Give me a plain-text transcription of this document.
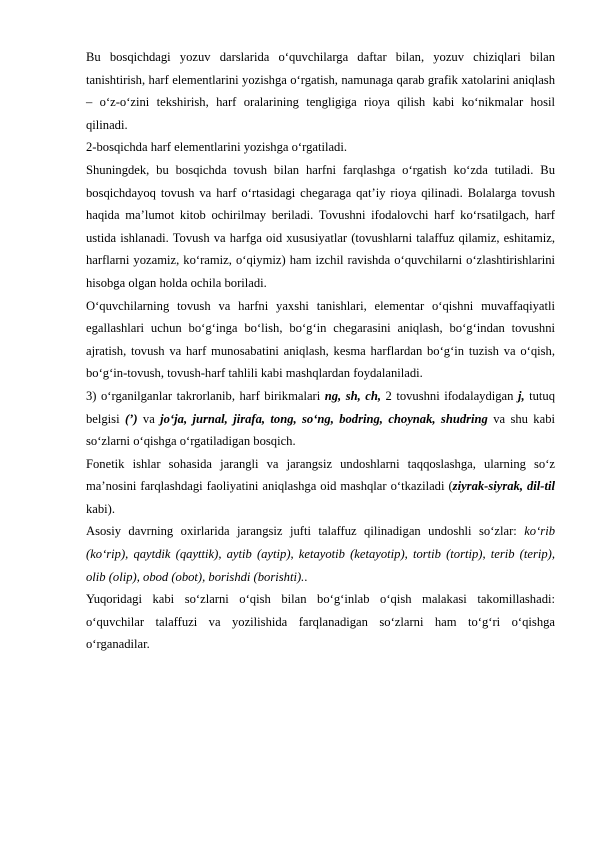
Bu bosqichdagi yozuv darslarida o‘quvchilarga daftar bilan, yozuv chiziqlari bilan tanishtirish, harf elementlarini yozishga o‘rgatish, namunaga qarab grafik xatolarini aniqlash – o‘z-o‘zini tekshirish, harf oralarining tengligiga rioya qilish kabi ko‘nikmalar hosil qilinadi.

2-bosqichda harf elementlarini yozishga o‘rgatiladi.

Shuningdek, bu bosqichda tovush bilan harfni farqlashga o‘rgatish ko‘zda tutiladi. Bu bosqichdayoq tovush va harf o‘rtasidagi chegaraga qat’iy rioya qilinadi. Bolalarga tovush haqida ma’lumot kitob ochirilmay beriladi. Tovushni ifodalovchi harf ko‘rsatilgach, harf ustida ishlanadi. Tovush va harfga oid xususiyatlar (tovushlarni talaffuz qilamiz, eshitamiz, harflarni yozamiz, ko‘ramiz, o‘qiymiz) ham izchil ravishda o‘quvchilarni o‘zlashtirishlarini hisobga olgan holda ochila boriladi.

O‘quvchilarning tovush va harfni yaxshi tanishlari, elementar o‘qishni muvaffaqiyatli egallashlari uchun bo‘g‘inga bo‘lish, bo‘g‘in chegarasini aniqlash, bo‘g‘indan tovushni ajratish, tovush va harf munosabatini aniqlash, kesma harflardan bo‘g‘in tuzish va o‘qish, bo‘g‘in-tovush, tovush-harf tahlili kabi mashqlardan foydalaniladi.

3) o‘rganilganlar takrorlanib, harf birikmalari ng, sh, ch, 2 tovushni ifodalaydigan j, tutuq belgisi (’) va jo‘ja, jurnal, jirafa, tong, so‘ng, bodring, choynak, shudring va shu kabi so‘zlarni o‘qishga o‘rgatiladigan bosqich.

Fonetik ishlar sohasida jarangli va jarangsiz undoshlarni taqqoslashga, ularning so‘z ma’nosini farqlashdagi faoliyatini aniqlashga oid mashqlar o‘tkaziladi (ziyrak-siyrak, dil-til kabi).

Asosiy davrning oxirlarida jarangsiz jufti talaffuz qilinadigan undoshli so‘zlar: ko‘rib (ko‘rip), qaytdik (qayttik), aytib (aytip), ketayotib (ketayotip), tortib (tortip), terib (terip), olib (olip), obod (obot), borishdi (borishti)..

Yuqoridagi kabi so‘zlarni o‘qish bilan bo‘g‘inlab o‘qish malakasi takomillashadi: o‘quvchilar talaffuzi va yozilishida farqlanadigan so‘zlarni ham to‘g‘ri o‘qishga o‘rganadilar.
